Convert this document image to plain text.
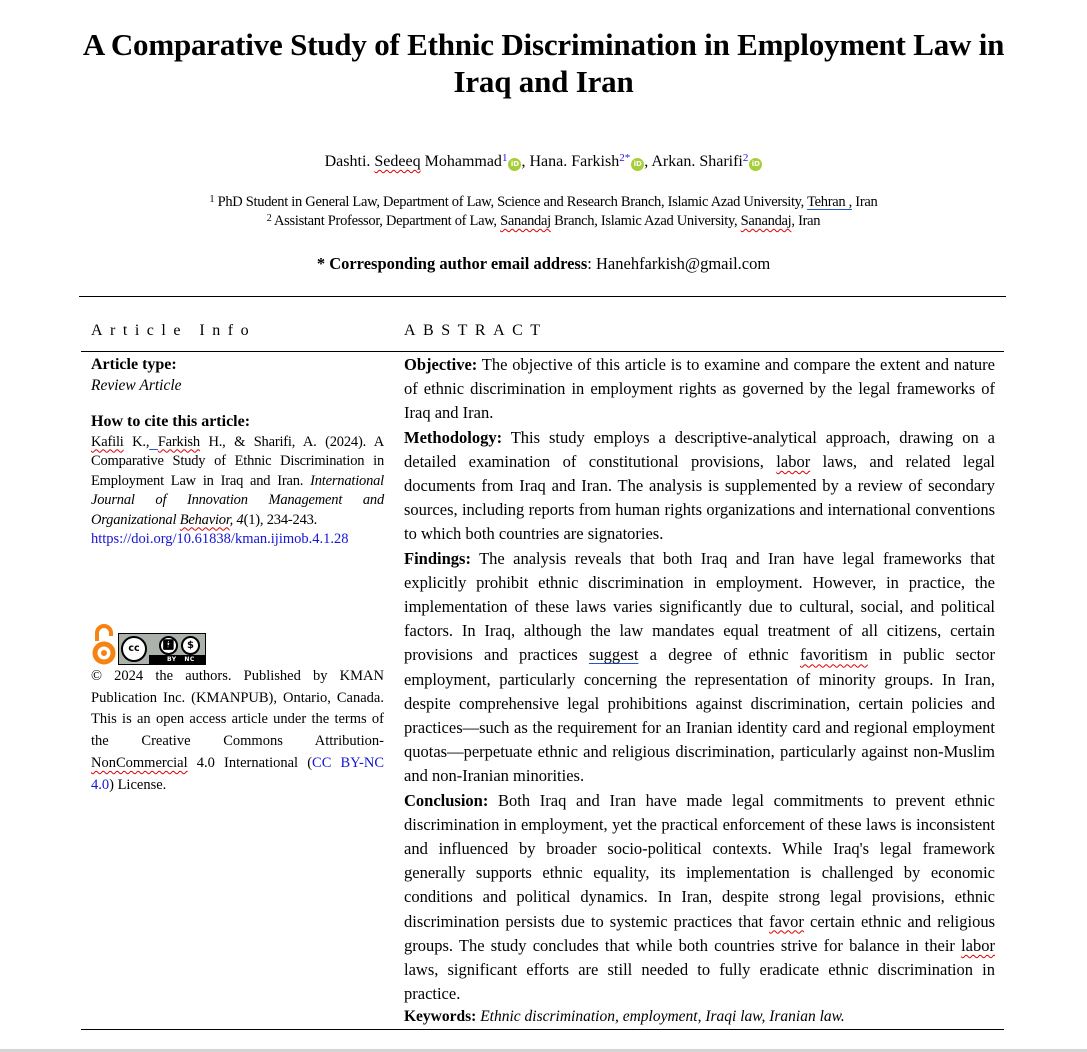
A Comparative Study of Ethnic Discrimination in Employment Law in Iraq and Iran
Dashti. Sedeeq Mohammad$^1$ iD , Hana. Farkish$^{2*}$ iD , Arkan. Sharifi$^2$ iD
$^1$ PhD Student in General Law, Department of Law, Science and Research Branch, Islamic Azad University, Tehran , Iran
$^2$ Assistant Professor, Department of Law, Sanandaj Branch, Islamic Azad University, Sanandaj, Iran
* Corresponding author email address: Hanehfarkish@gmail.com
Article Info	ABSTRACT
Article type:
Review Article
How to cite this article:
Kafili K., Farkish H., & Sharifi, A. (2024). A Comparative Study of Ethnic Discrimination in Employment Law in Iraq and Iran. International Journal of Innovation Management and Organizational Behavior, 4(1), 234-243.
https://doi.org/10.61838/kman.ijimob.4.1.28
cc	🚹︎	$
BY NC
© 2024 the authors. Published by KMAN Publication Inc. (KMANPUB), Ontario, Canada. This is an open access article under the terms of the Creative Commons Attribution-NonCommercial 4.0 International (CC BY-NC 4.0) License.

Objective: The objective of this article is to examine and compare the extent and nature of ethnic discrimination in employment rights as governed by the legal frameworks of Iraq and Iran.

Methodology: This study employs a descriptive-analytical approach, drawing on a detailed examination of constitutional provisions, labor laws, and related legal documents from Iraq and Iran. The analysis is supplemented by a review of secondary sources, including reports from human rights organizations and international conventions to which both countries are signatories.

Findings: The analysis reveals that both Iraq and Iran have legal frameworks that explicitly prohibit ethnic discrimination in employment. However, in practice, the implementation of these laws varies significantly due to cultural, social, and political factors. In Iraq, although the law mandates equal treatment of all citizens, certain provisions and practices suggest a degree of ethnic favoritism in public sector employment, particularly concerning the representation of minority groups. In Iran, despite comprehensive legal prohibitions against discrimination, certain policies and practices—such as the requirement for an Iranian identity card and regional employment quotas—perpetuate ethnic and religious discrimination, particularly against non-Muslim and non-Iranian minorities.

Conclusion: Both Iraq and Iran have made legal commitments to prevent ethnic discrimination in employment, yet the practical enforcement of these laws is inconsistent and influenced by broader socio-political contexts. While Iraq's legal framework generally supports ethnic equality, its implementation is challenged by economic conditions and political dynamics. In Iran, despite strong legal provisions, ethnic discrimination persists due to systemic practices that favor certain ethnic and religious groups. The study concludes that while both countries strive for balance in their labor laws, significant efforts are still needed to fully eradicate ethnic discrimination in practice.

Keywords: Ethnic discrimination, employment, Iraqi law, Iranian law.
